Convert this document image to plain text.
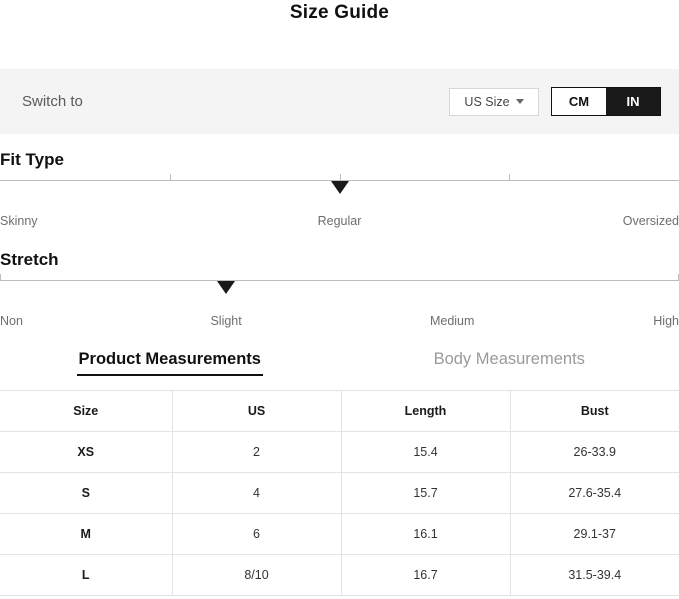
Size Guide
Switch to	US Size	CM	IN
Fit Type
Skinny	Regular	Oversized
Stretch
Non	Slight	Medium	High
Product Measurements	Body Measurements
Size	US	Length	Bust
XS	2	15.4	26-33.9
S	4	15.7	27.6-35.4
M	6	16.1	29.1-37
L	8/10	16.7	31.5-39.4
